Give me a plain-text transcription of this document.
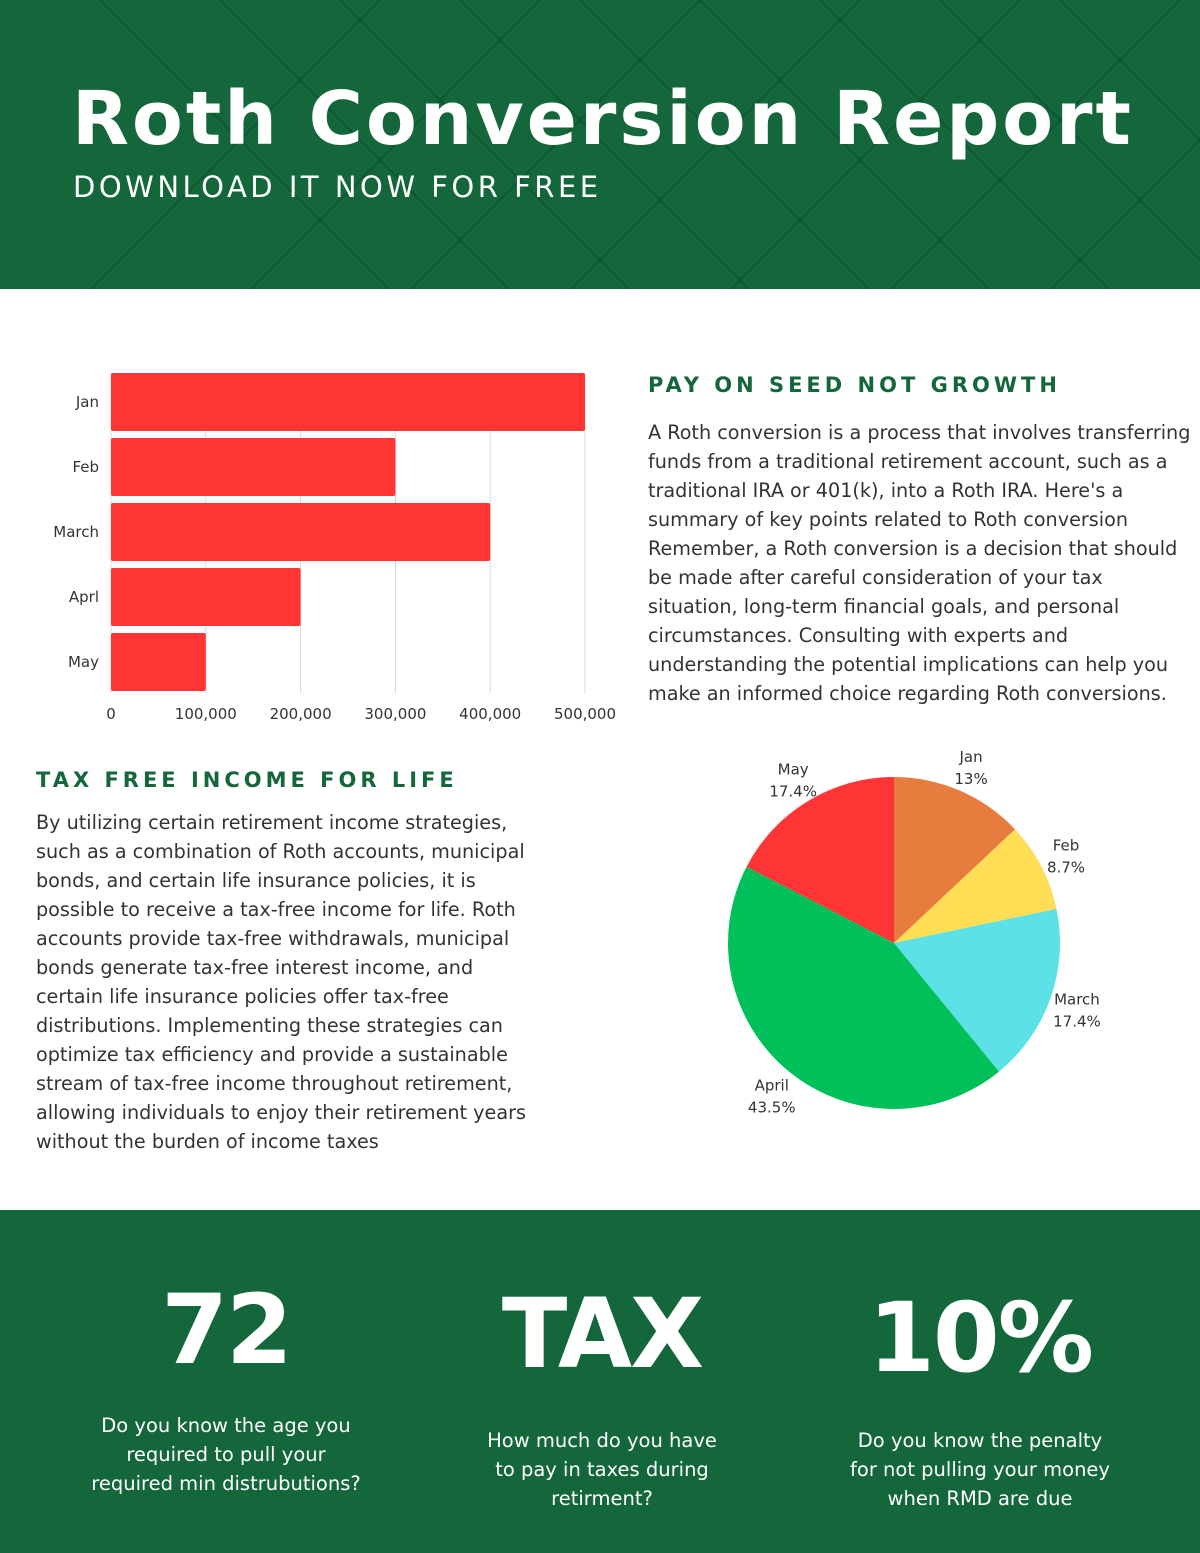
Roth Conversion Report
DOWNLOAD IT NOW FOR FREE
0	100,000 200,000 300,000 400,000 500,000
Jan
Feb
March
Aprl
May
PAY ON SEED NOT GROWTH

A Roth conversion is a process that involves transferring funds from a traditional retirement account, such as a traditional IRA or 401(k), into a Roth IRA. Here's a summary of key points related to Roth conversion Remember, a Roth conversion is a decision that should be made after careful consideration of your tax situation, long-term financial goals, and personal circumstances. Consulting with experts and understanding the potential implications can help you make an informed choice regarding Roth conversions.

TAX FREE INCOME FOR LIFE

By utilizing certain retirement income strategies, such as a combination of Roth accounts, municipal bonds, and certain life insurance policies, it is possible to receive a tax-free income for life. Roth accounts provide tax-free withdrawals, municipal bonds generate tax-free interest income, and certain life insurance policies offer tax-free distributions. Implementing these strategies can optimize tax efficiency and provide a sustainable stream of tax-free income throughout retirement, allowing individuals to enjoy their retirement years without the burden of income taxes

Jan
13%
Feb
8.7%
March
17.4%
April
43.5%
May
17.4%
72
Do you know the age you required to pull your required min distrubutions?
TAX
How much do you have to pay in taxes during retirment?
10%
Do you know the penalty for not pulling your money when RMD are due
